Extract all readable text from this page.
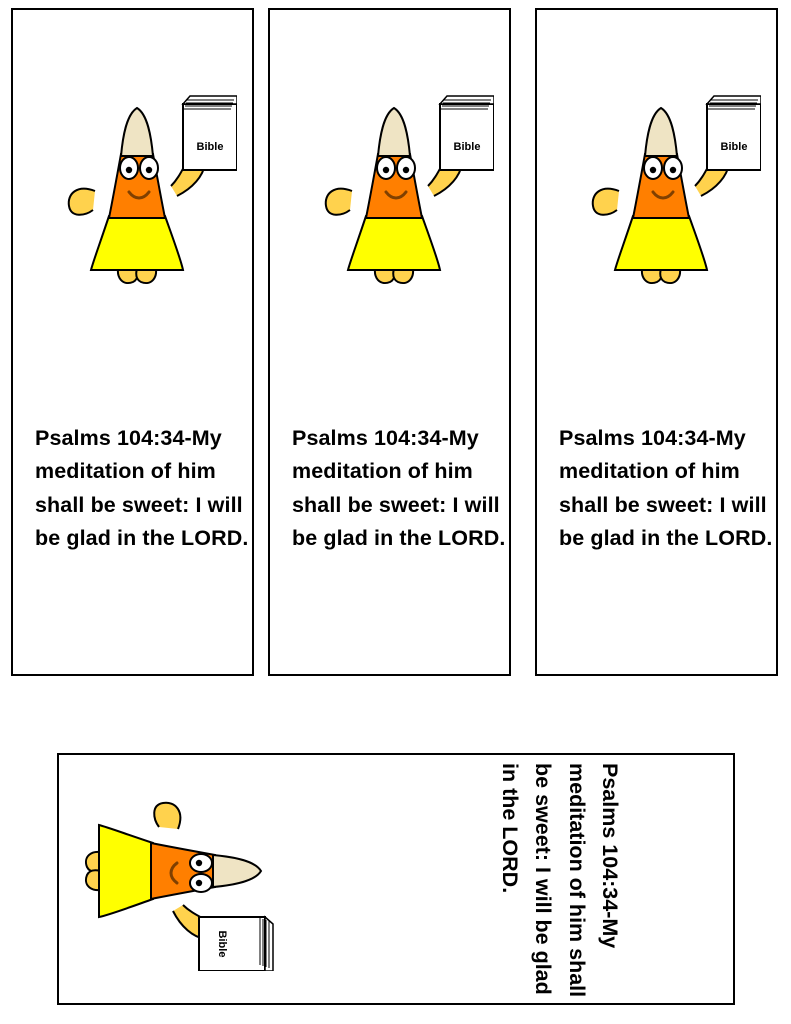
Bible
Psalms 104:34-My meditation of him shall be sweet: I will be glad in the LORD.
Bible
Psalms 104:34-My meditation of him shall be sweet: I will be glad in the LORD.
Bible
Psalms 104:34-My meditation of him shall be sweet: I will be glad in the LORD.
Bible	Psalms 104:34-My meditation of him shall be sweet: I will be glad in the LORD.
